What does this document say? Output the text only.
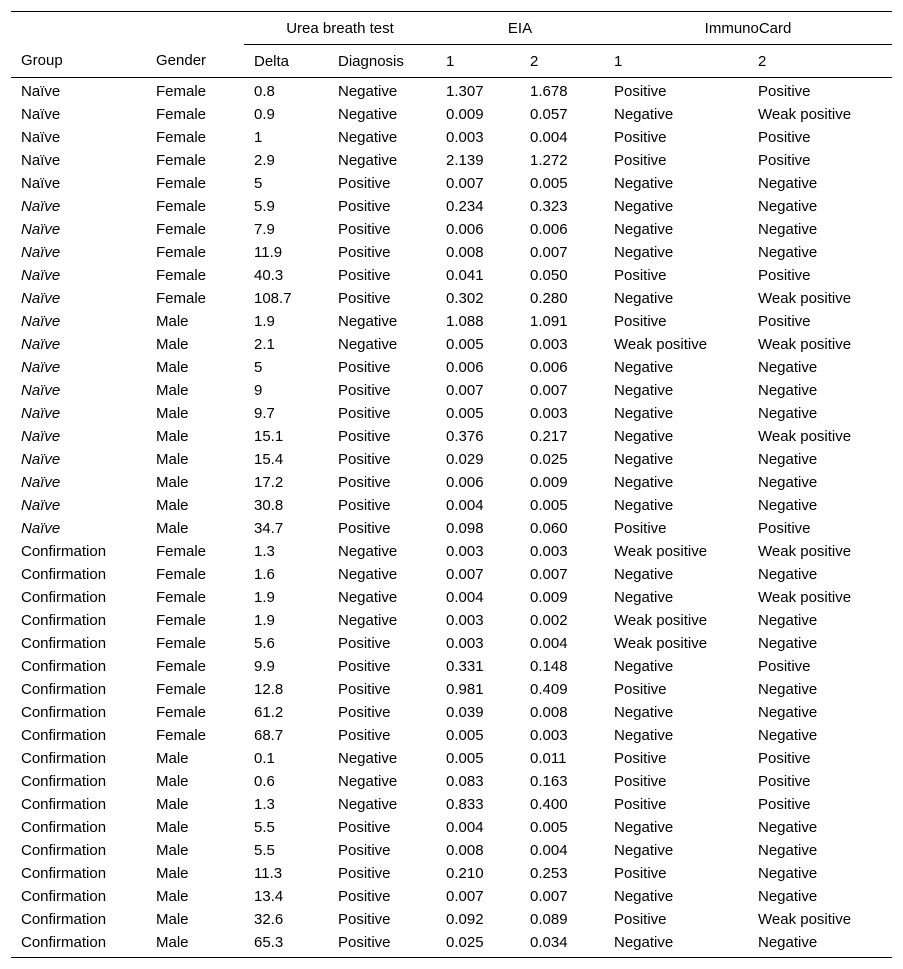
		Urea breath test		EIA		ImmunoCard	
Group	Gender	Delta	Diagnosis	1	2	1	2
Naïve	Female	0.8	Negative	1.307	1.678	Positive	Positive
Naïve	Female	0.9	Negative	0.009	0.057	Negative	Weak positive
Naïve	Female	1	Negative	0.003	0.004	Positive	Positive
Naïve	Female	2.9	Negative	2.139	1.272	Positive	Positive
Naïve	Female	5	Positive	0.007	0.005	Negative	Negative
Naïve	Female	5.9	Positive	0.234	0.323	Negative	Negative
Naïve	Female	7.9	Positive	0.006	0.006	Negative	Negative
Naïve	Female	11.9	Positive	0.008	0.007	Negative	Negative
Naïve	Female	40.3	Positive	0.041	0.050	Positive	Positive
Naïve	Female	108.7	Positive	0.302	0.280	Negative	Weak positive
Naïve	Male	1.9	Negative	1.088	1.091	Positive	Positive
Naïve	Male	2.1	Negative	0.005	0.003	Weak positive	Weak positive
Naïve	Male	5	Positive	0.006	0.006	Negative	Negative
Naïve	Male	9	Positive	0.007	0.007	Negative	Negative
Naïve	Male	9.7	Positive	0.005	0.003	Negative	Negative
Naïve	Male	15.1	Positive	0.376	0.217	Negative	Weak positive
Naïve	Male	15.4	Positive	0.029	0.025	Negative	Negative
Naïve	Male	17.2	Positive	0.006	0.009	Negative	Negative
Naïve	Male	30.8	Positive	0.004	0.005	Negative	Negative
Naïve	Male	34.7	Positive	0.098	0.060	Positive	Positive
Confirmation	Female	1.3	Negative	0.003	0.003	Weak positive	Weak positive
Confirmation	Female	1.6	Negative	0.007	0.007	Negative	Negative
Confirmation	Female	1.9	Negative	0.004	0.009	Negative	Weak positive
Confirmation	Female	1.9	Negative	0.003	0.002	Weak positive	Negative
Confirmation	Female	5.6	Positive	0.003	0.004	Weak positive	Negative
Confirmation	Female	9.9	Positive	0.331	0.148	Negative	Positive
Confirmation	Female	12.8	Positive	0.981	0.409	Positive	Negative
Confirmation	Female	61.2	Positive	0.039	0.008	Negative	Negative
Confirmation	Female	68.7	Positive	0.005	0.003	Negative	Negative
Confirmation	Male	0.1	Negative	0.005	0.011	Positive	Positive
Confirmation	Male	0.6	Negative	0.083	0.163	Positive	Positive
Confirmation	Male	1.3	Negative	0.833	0.400	Positive	Positive
Confirmation	Male	5.5	Positive	0.004	0.005	Negative	Negative
Confirmation	Male	5.5	Positive	0.008	0.004	Negative	Negative
Confirmation	Male	11.3	Positive	0.210	0.253	Positive	Negative
Confirmation	Male	13.4	Positive	0.007	0.007	Negative	Negative
Confirmation	Male	32.6	Positive	0.092	0.089	Positive	Weak positive
Confirmation	Male	65.3	Positive	0.025	0.034	Negative	Negative
